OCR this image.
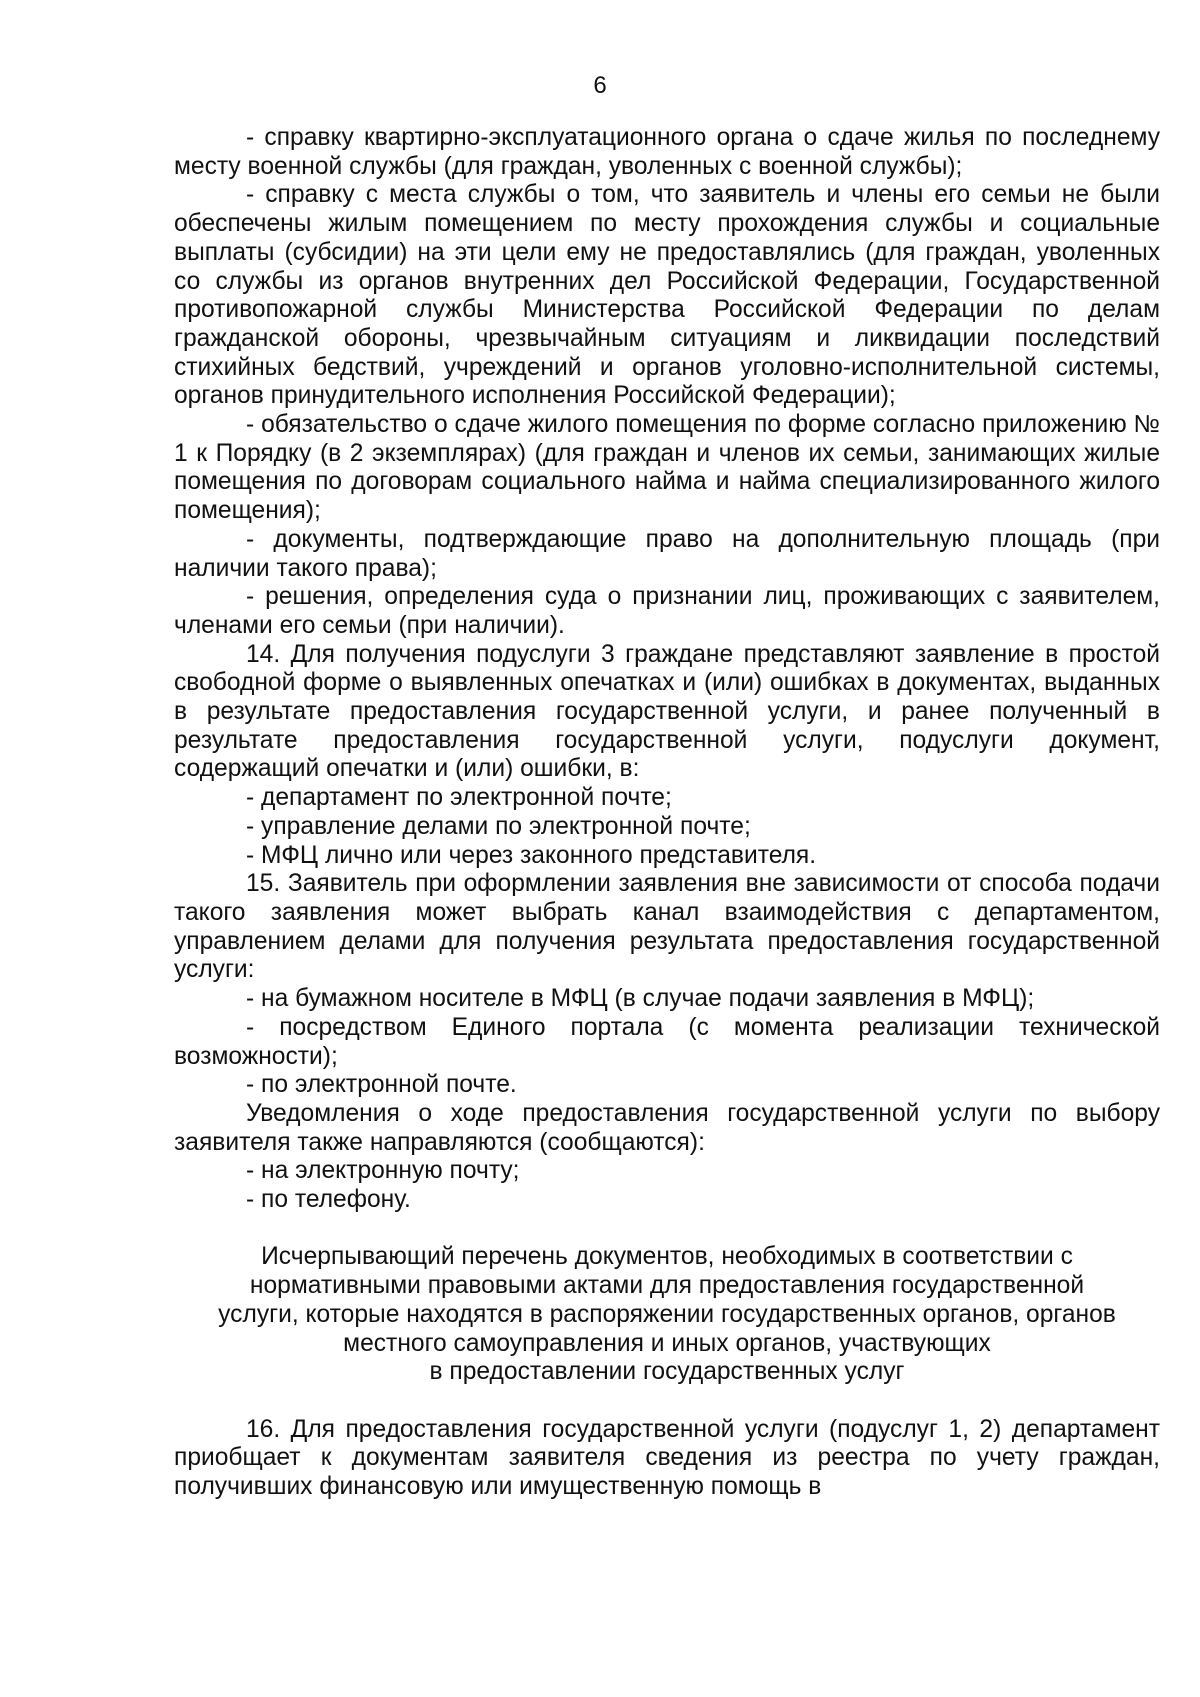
6

- справку квартирно-эксплуатационного органа о сдаче жилья по последнему месту военной службы (для граждан, уволенных с военной службы);

- справку с места службы о том, что заявитель и члены его семьи не были обеспечены жилым помещением по месту прохождения службы и социальные выплаты (субсидии) на эти цели ему не предоставлялись (для граждан, уволенных со службы из органов внутренних дел Российской Федерации, Государственной противопожарной службы Министерства Российской Федерации по делам гражданской обороны, чрезвычайным ситуациям и ликвидации последствий стихийных бедствий, учреждений и органов уголовно-исполнительной системы, органов принудительного исполнения Российской Федерации);

- обязательство о сдаче жилого помещения по форме согласно приложению № 1 к Порядку (в 2 экземплярах) (для граждан и членов их семьи, занимающих жилые помещения по договорам социального найма и найма специализированного жилого помещения);

- документы, подтверждающие право на дополнительную площадь (при наличии такого права);

- решения, определения суда о признании лиц, проживающих с заявителем, членами его семьи (при наличии).

14. Для получения подуслуги 3 граждане представляют заявление в простой свободной форме о выявленных опечатках и (или) ошибках в документах, выданных в результате предоставления государственной услуги, и ранее полученный в результате предоставления государственной услуги, подуслуги документ, содержащий опечатки и (или) ошибки, в:

- департамент по электронной почте;

- управление делами по электронной почте;

- МФЦ лично или через законного представителя.

15. Заявитель при оформлении заявления вне зависимости от способа подачи такого заявления может выбрать канал взаимодействия с департаментом, управлением делами для получения результата предоставления государственной услуги:

- на бумажном носителе в МФЦ (в случае подачи заявления в МФЦ);

- посредством Единого портала (с момента реализации технической возможности);

- по электронной почте.

Уведомления о ходе предоставления государственной услуги по выбору заявителя также направляются (сообщаются):

- на электронную почту;

- по телефону.

Исчерпывающий перечень документов, необходимых в соответствии с
нормативными правовыми актами для предоставления государственной
услуги, которые находятся в распоряжении государственных органов, органов
местного самоуправления и иных органов, участвующих
в предоставлении государственных услуг

16. Для предоставления государственной услуги (подуслуг 1, 2) департамент приобщает к документам заявителя сведения из реестра по учету граждан, получивших финансовую или имущественную помощь в
